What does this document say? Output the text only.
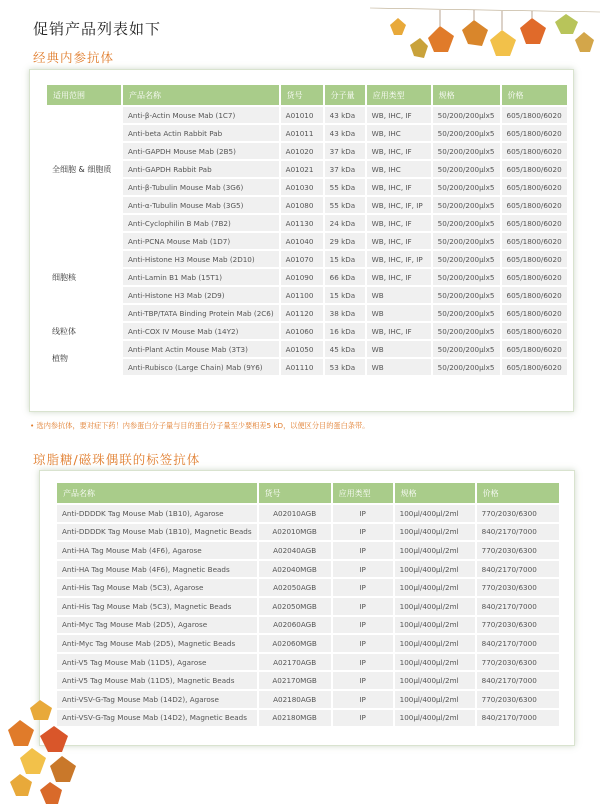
促销产品列表如下
经典内参抗体
适用范围	产品名称	货号	分子量	应用类型	规格	价格
全细胞 & 细胞质	Anti-β-Actin Mouse Mab (1C7)	A01010	43 kDa	WB, IHC, IF	50/200/200μlx5	605/1800/6020
	Anti-beta Actin Rabbit Pab	A01011	43 kDa	WB, IHC	50/200/200μlx5	605/1800/6020
	Anti-GAPDH Mouse Mab (2B5)	A01020	37 kDa	WB, IHC, IF	50/200/200μlx5	605/1800/6020
	Anti-GAPDH Rabbit Pab	A01021	37 kDa	WB, IHC	50/200/200μlx5	605/1800/6020
	Anti-β-Tubulin Mouse Mab (3G6)	A01030	55 kDa	WB, IHC, IF	50/200/200μlx5	605/1800/6020
	Anti-α-Tubulin Mouse Mab (3G5)	A01080	55 kDa	WB, IHC, IF, IP	50/200/200μlx5	605/1800/6020
	Anti-Cyclophilin B Mab (7B2)	A01130	24 kDa	WB, IHC, IF	50/200/200μlx5	605/1800/6020
细胞核	Anti-PCNA Mouse Mab (1D7)	A01040	29 kDa	WB, IHC, IF	50/200/200μlx5	605/1800/6020
	Anti-Histone H3 Mouse Mab (2D10)	A01070	15 kDa	WB, IHC, IF, IP	50/200/200μlx5	605/1800/6020
	Anti-Lamin B1 Mab (15T1)	A01090	66 kDa	WB, IHC, IF	50/200/200μlx5	605/1800/6020
	Anti-Histone H3 Mab (2D9)	A01100	15 kDa	WB	50/200/200μlx5	605/1800/6020
	Anti-TBP/TATA Binding Protein Mab (2C6)	A01120	38 kDa	WB	50/200/200μlx5	605/1800/6020
线粒体	Anti-COX IV Mouse Mab (14Y2)	A01060	16 kDa	WB, IHC, IF	50/200/200μlx5	605/1800/6020
植物	Anti-Plant Actin Mouse Mab (3T3)	A01050	45 kDa	WB	50/200/200μlx5	605/1800/6020
	Anti-Rubisco (Large Chain) Mab (9Y6)	A01110	53 kDa	WB	50/200/200μlx5	605/1800/6020
• 选内参抗体，要对症下药！内参蛋白分子量与目的蛋白分子量至少要相差5 kD，以便区分目的蛋白条带。
琼脂糖/磁珠偶联的标签抗体
产品名称	货号	应用类型	规格	价格
Anti-DDDDK Tag Mouse Mab (1B10), Agarose	A02010AGB	IP	100μl/400μl/2ml	770/2030/6300
Anti-DDDDK Tag Mouse Mab (1B10), Magnetic Beads	A02010MGB	IP	100μl/400μl/2ml	840/2170/7000
Anti-HA Tag Mouse Mab (4F6), Agarose	A02040AGB	IP	100μl/400μl/2ml	770/2030/6300
Anti-HA Tag Mouse Mab (4F6), Magnetic Beads	A02040MGB	IP	100μl/400μl/2ml	840/2170/7000
Anti-His Tag Mouse Mab (5C3), Agarose	A02050AGB	IP	100μl/400μl/2ml	770/2030/6300
Anti-His Tag Mouse Mab (5C3), Magnetic Beads	A02050MGB	IP	100μl/400μl/2ml	840/2170/7000
Anti-Myc Tag Mouse Mab (2D5), Agarose	A02060AGB	IP	100μl/400μl/2ml	770/2030/6300
Anti-Myc Tag Mouse Mab (2D5), Magnetic Beads	A02060MGB	IP	100μl/400μl/2ml	840/2170/7000
Anti-V5 Tag Mouse Mab (11D5), Agarose	A02170AGB	IP	100μl/400μl/2ml	770/2030/6300
Anti-V5 Tag Mouse Mab (11D5), Magnetic Beads	A02170MGB	IP	100μl/400μl/2ml	840/2170/7000
Anti-VSV-G-Tag Mouse Mab (14D2), Agarose	A02180AGB	IP	100μl/400μl/2ml	770/2030/6300
Anti-VSV-G-Tag Mouse Mab (14D2), Magnetic Beads	A02180MGB	IP	100μl/400μl/2ml	840/2170/7000
